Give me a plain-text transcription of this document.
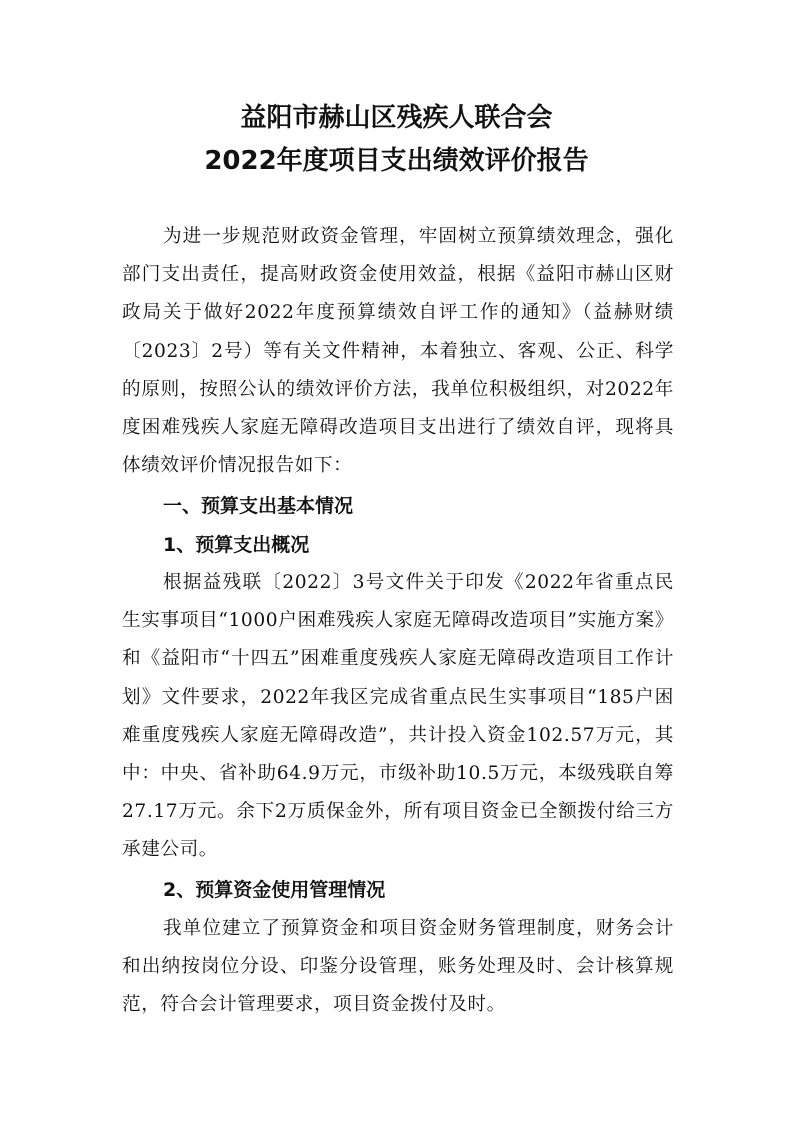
益阳市赫山区残疾人联合会
2022年度项目支出绩效评价报告

为进一步规范财政资金管理，牢固树立预算绩效理念，强化部门支出责任，提高财政资金使用效益，根据《益阳市赫山区财政局关于做好2022年度预算绩效自评工作的通知》（益赫财绩〔2023〕2号）等有关文件精神，本着独立、客观、公正、科学的原则，按照公认的绩效评价方法，我单位积极组织，对2022年度困难残疾人家庭无障碍改造项目支出进行了绩效自评，现将具体绩效评价情况报告如下：

一、预算支出基本情况

1、预算支出概况

根据益残联〔2022〕3号文件关于印发《2022年省重点民生实事项目“1000户困难残疾人家庭无障碍改造项目”实施方案》和《益阳市“十四五”困难重度残疾人家庭无障碍改造项目工作计划》文件要求，2022年我区完成省重点民生实事项目“185户困难重度残疾人家庭无障碍改造”，共计投入资金102.57万元，其中：中央、省补助64.9万元，市级补助10.5万元，本级残联自筹27.17万元。余下2万质保金外，所有项目资金已全额拨付给三方承建公司。

2、预算资金使用管理情况

我单位建立了预算资金和项目资金财务管理制度，财务会计和出纳按岗位分设、印鉴分设管理，账务处理及时、会计核算规范，符合会计管理要求，项目资金拨付及时。
